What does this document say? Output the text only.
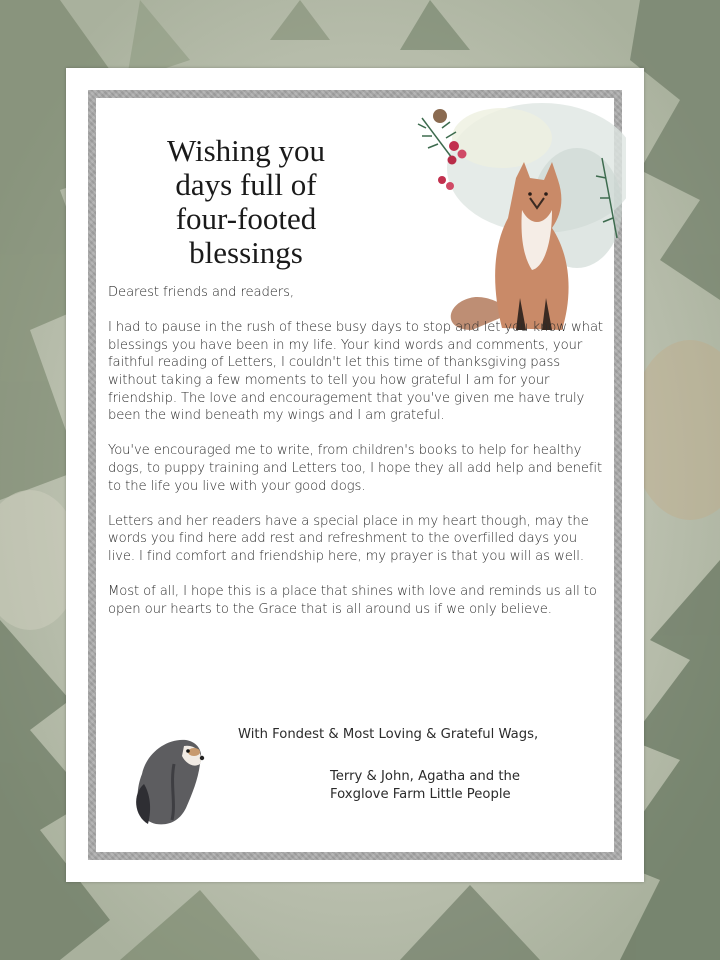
Wishing you
days full of
four-footed
blessings

Dearest friends and readers,

I had to pause in the rush of these busy days to stop and let you know what blessings you have been in my life. Your kind words and comments, your faithful reading of Letters, I couldn't let this time of thanksgiving pass without taking a few moments to tell you how grateful I am for your friendship. The love and encouragement that you've given me have truly been the wind beneath my wings and I am grateful.

You've encouraged me to write, from children's books to help for healthy dogs, to puppy training and Letters too, I hope they all add help and benefit to the life you live with your good dogs.

Letters and her readers have a special place in my heart though, may the words you find here add rest and refreshment to the overfilled days you live. I find comfort and friendship here, my prayer is that you will as well.

Most of all, I hope this is a place that shines with love and reminds us all to open our hearts to the Grace that is all around us if we only believe.

With Fondest & Most Loving & Grateful Wags,
Terry & John, Agatha and the
Foxglove Farm Little People
